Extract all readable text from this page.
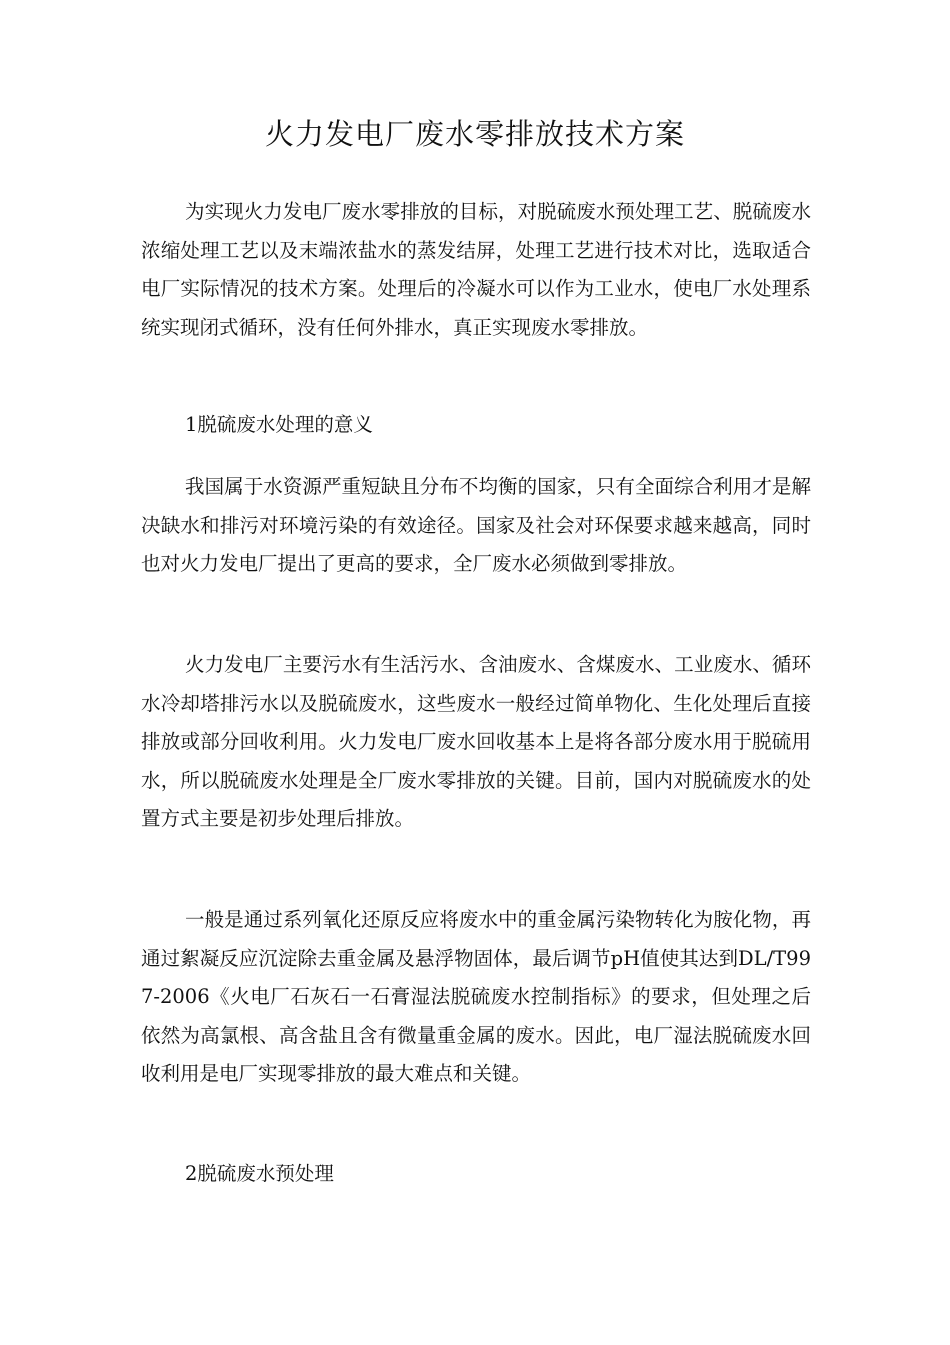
火力发电厂废水零排放技术方案

为实现火力发电厂废水零排放的目标，对脱硫废水预处理工艺、脱硫废水浓缩处理工艺以及末端浓盐水的蒸发结屏，处理工艺进行技术对比，选取适合电厂实际情况的技术方案。处理后的冷凝水可以作为工业水，使电厂水处理系统实现闭式循环，没有任何外排水，真正实现废水零排放。

1脱硫废水处理的意义

我国属于水资源严重短缺且分布不均衡的国家，只有全面综合利用才是解决缺水和排污对环境污染的有效途径。国家及社会对环保要求越来越高，同时也对火力发电厂提出了更高的要求，全厂废水必须做到零排放。

火力发电厂主要污水有生活污水、含油废水、含煤废水、工业废水、循环水冷却塔排污水以及脱硫废水，这些废水一般经过简单物化、生化处理后直接排放或部分回收利用。火力发电厂废水回收基本上是将各部分废水用于脱硫用水，所以脱硫废水处理是全厂废水零排放的关键。目前，国内对脱硫废水的处置方式主要是初步处理后排放。

一般是通过系列氧化还原反应将废水中的重金属污染物转化为胺化物，再通过絮凝反应沉淀除去重金属及悬浮物固体，最后调节pH值使其达到DL/T997-2006《火电厂石灰石一石膏湿法脱硫废水控制指标》的要求，但处理之后依然为高氯根、高含盐且含有微量重金属的废水。因此，电厂湿法脱硫废水回收利用是电厂实现零排放的最大难点和关键。

2脱硫废水预处理
